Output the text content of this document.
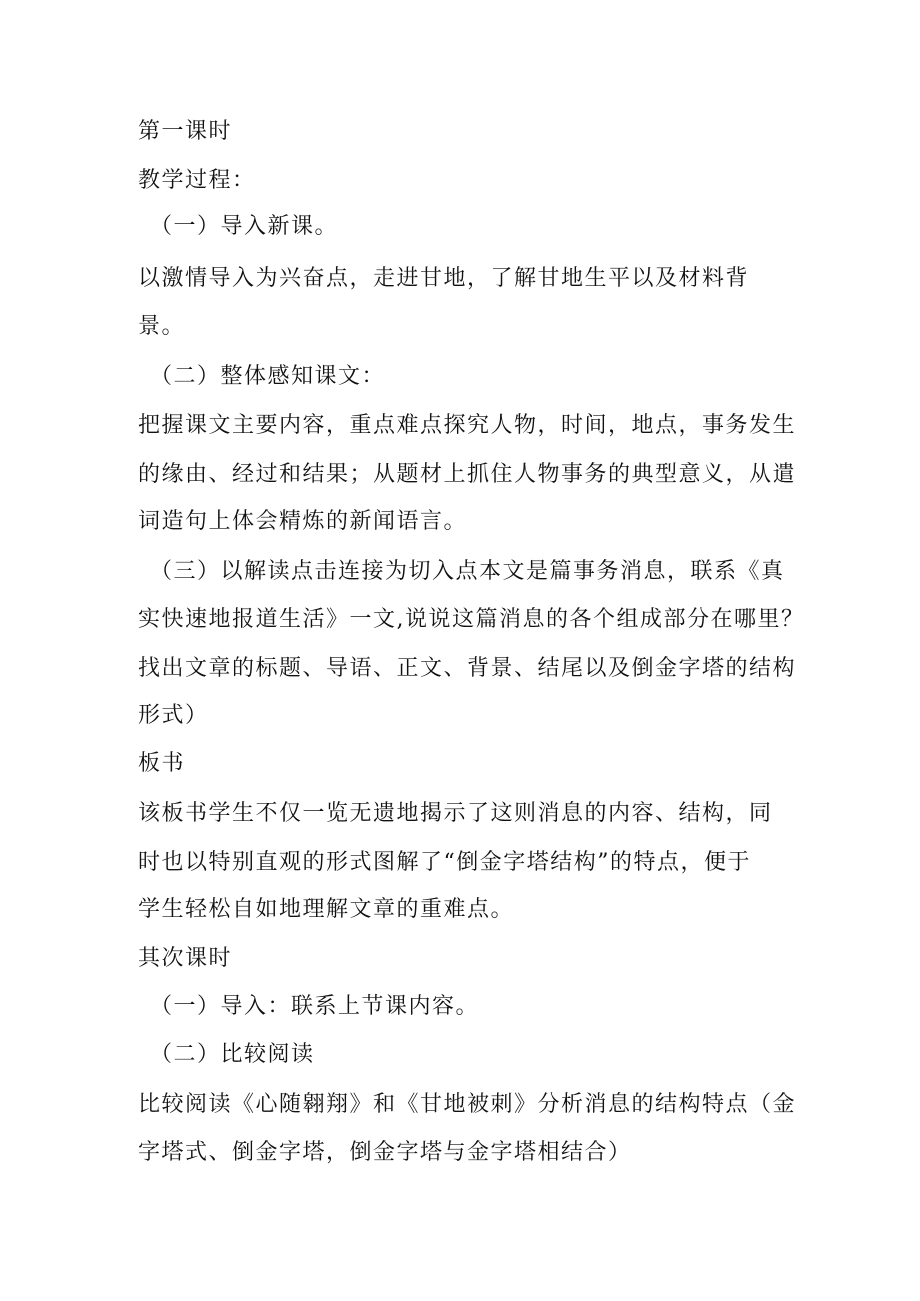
第一课时
教学过程：
（一）导入新课。
以激情导入为兴奋点，走进甘地，了解甘地生平以及材料背
景。
（二）整体感知课文：
把握课文主要内容，重点难点探究人物，时间，地点，事务发生
的缘由、经过和结果；从题材上抓住人物事务的典型意义，从遣
词造句上体会精炼的新闻语言。
（三）以解读点击连接为切入点本文是篇事务消息，联系《真
实快速地报道生活》一文,说说这篇消息的各个组成部分在哪里？
找出文章的标题、导语、正文、背景、结尾以及倒金字塔的结构
形式）
板书
该板书学生不仅一览无遗地揭示了这则消息的内容、结构，同
时也以特别直观的形式图解了“倒金字塔结构”的特点，便于
学生轻松自如地理解文章的重难点。
其次课时
（一）导入：联系上节课内容。
（二）比较阅读
比较阅读《心随翱翔》和《甘地被刺》分析消息的结构特点（金
字塔式、倒金字塔，倒金字塔与金字塔相结合）
